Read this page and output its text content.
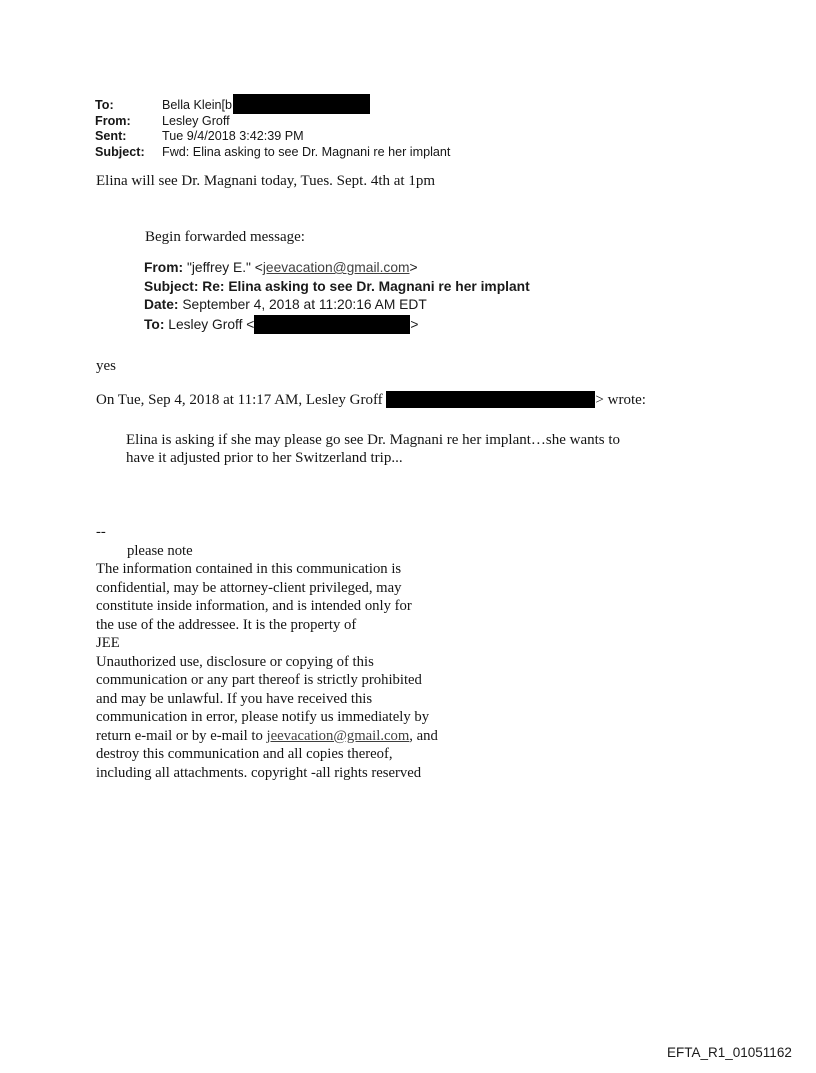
To:	Bella Klein[b
From: Lesley Groff
Sent:	Tue 9/4/2018 3:42:39 PM
Subject: Fwd: Elina asking to see Dr. Magnani re her implant
Elina will see Dr. Magnani today, Tues. Sept. 4th at 1pm
Begin forwarded message:
From: "jeffrey E." <jeevacation@gmail.com>
Subject: Re: Elina asking to see Dr. Magnani re her implant
Date: September 4, 2018 at 11:20:16 AM EDT
To: Lesley Groff <	>
yes
On Tue, Sep 4, 2018 at 11:17 AM, Lesley Groff	> wrote:
Elina is asking if she may please go see Dr. Magnani re her implant…she wants to
have it adjusted prior to her Switzerland trip...
--
please note
The information contained in this communication is
confidential, may be attorney-client privileged, may
constitute inside information, and is intended only for
the use of the addressee. It is the property of
JEE
Unauthorized use, disclosure or copying of this
communication or any part thereof is strictly prohibited
and may be unlawful. If you have received this
communication in error, please notify us immediately by
return e-mail or by e-mail to jeevacation@gmail.com, and
destroy this communication and all copies thereof,
including all attachments. copyright -all rights reserved
EFTA_R1_01051162
